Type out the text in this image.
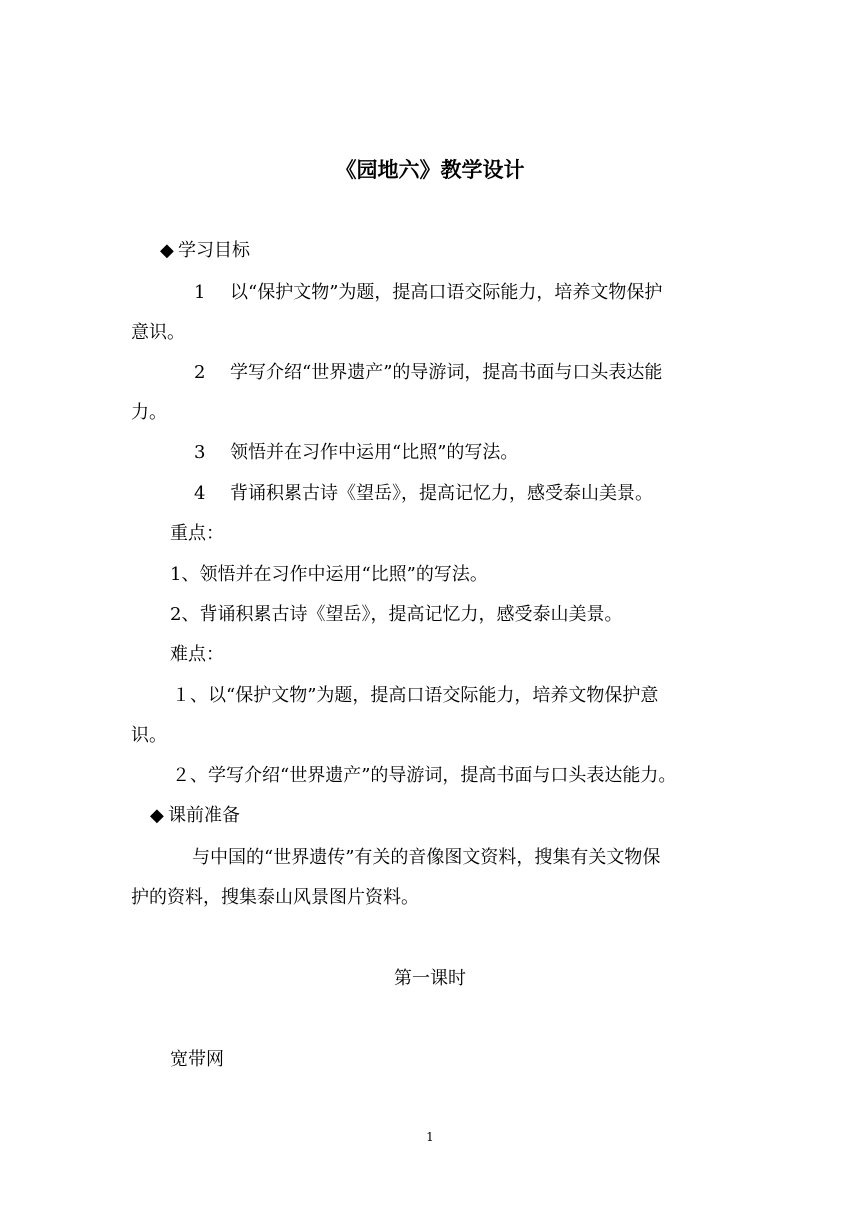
《园地六》教学设计
◆ 学习目标
1 以“保护文物”为题，提高口语交际能力，培养文物保护
意识。
2 学写介绍“世界遗产”的导游词，提高书面与口头表达能
力。
3 领悟并在习作中运用“比照”的写法。
4 背诵积累古诗《望岳》，提高记忆力，感受泰山美景。
重点：
1、领悟并在习作中运用“比照”的写法。
2、背诵积累古诗《望岳》，提高记忆力，感受泰山美景。
难点：
１、以“保护文物”为题，提高口语交际能力，培养文物保护意
识。
２、学写介绍“世界遗产”的导游词，提高书面与口头表达能力。
◆ 课前准备
与中国的“世界遗传”有关的音像图文资料，搜集有关文物保
护的资料，搜集泰山风景图片资料。
第一课时
宽带网
1
